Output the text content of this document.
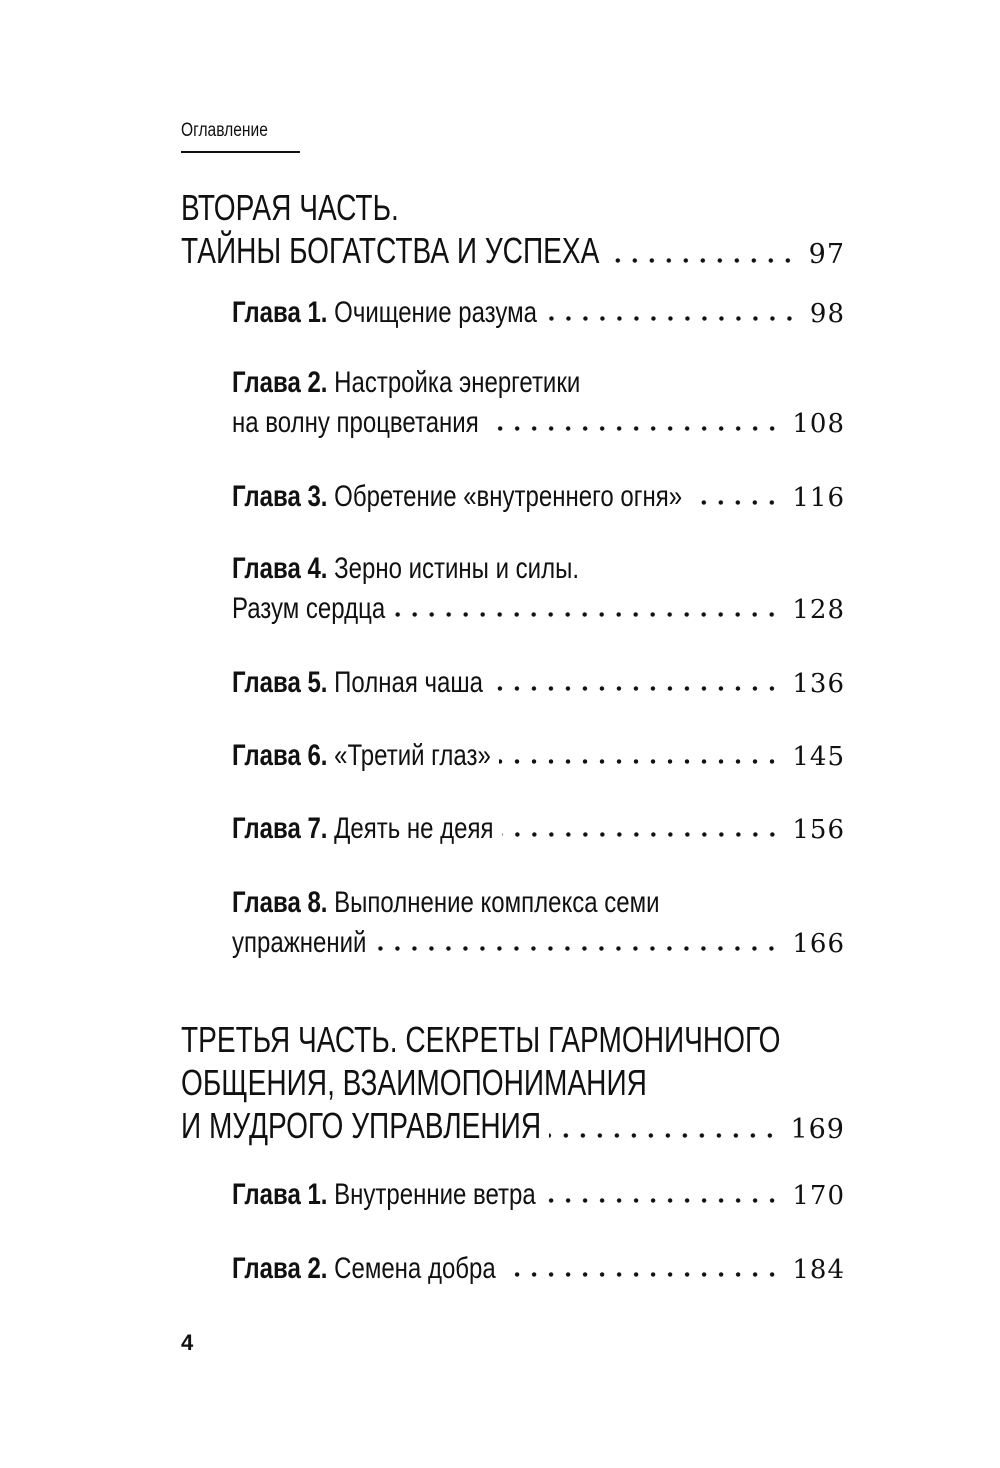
Оглавление
ВТОРАЯ ЧАСТЬ.
ТАЙНЫ БОГАТСТВА И УСПЕХА	97
Глава 1. Очищение разума	98
Глава 2. Настройка энергетики
на волну процветания	108
Глава 3. Обретение «внутреннего огня»	116
Глава 4. Зерно истины и силы.
Разум сердца	128
Глава 5. Полная чаша	136
Глава 6. «Третий глаз»	145
Глава 7. Деять не деяя	156
Глава 8. Выполнение комплекса семи
упражнений	166
ТРЕТЬЯ ЧАСТЬ. СЕКРЕТЫ ГАРМОНИЧНОГО
ОБЩЕНИЯ, ВЗАИМОПОНИМАНИЯ
И МУДРОГО УПРАВЛЕНИЯ	169
Глава 1. Внутренние ветра	170
Глава 2. Семена добра	184
4
